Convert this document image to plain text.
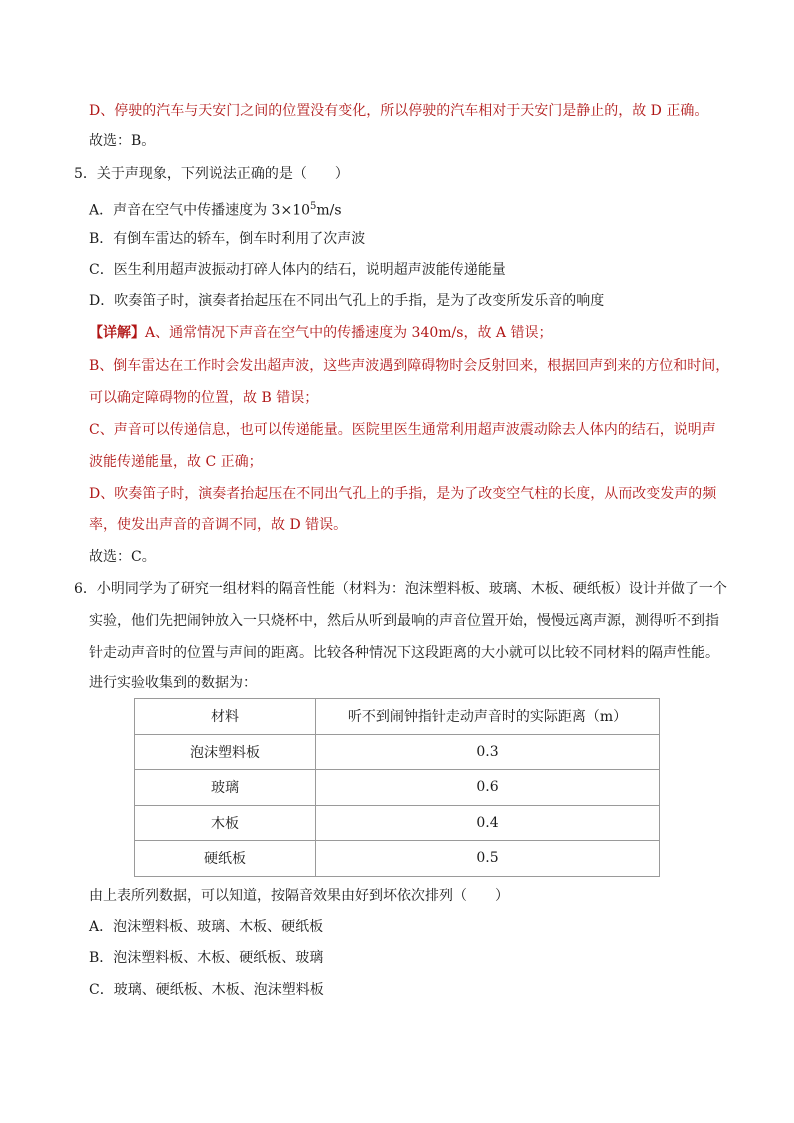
D、停驶的汽车与天安门之间的位置没有变化，所以停驶的汽车相对于天安门是静止的，故 D 正确。
故选：B。
5．关于声现象，下列说法正确的是（　　）
A．声音在空气中传播速度为 $3\times 10^5m/s$
B．有倒车雷达的轿车，倒车时利用了次声波
C．医生利用超声波振动打碎人体内的结石，说明超声波能传递能量
D．吹奏笛子时，演奏者抬起压在不同出气孔上的手指，是为了改变所发乐音的响度
【详解】A、通常情况下声音在空气中的传播速度为 340m/s，故 A 错误；
B、倒车雷达在工作时会发出超声波，这些声波遇到障碍物时会反射回来，根据回声到来的方位和时间，
可以确定障碍物的位置，故 B 错误；
C、声音可以传递信息，也可以传递能量。医院里医生通常利用超声波震动除去人体内的结石，说明声
波能传递能量，故 C 正确；
D、吹奏笛子时，演奏者抬起压在不同出气孔上的手指，是为了改变空气柱的长度，从而改变发声的频
率，使发出声音的音调不同，故 D 错误。
故选：C。
6．小明同学为了研究一组材料的隔音性能（材料为：泡沫塑料板、玻璃、木板、硬纸板）设计并做了一个
实验，他们先把闹钟放入一只烧杯中，然后从听到最响的声音位置开始，慢慢远离声源，测得听不到指
针走动声音时的位置与声间的距离。比较各种情况下这段距离的大小就可以比较不同材料的隔声性能。
进行实验收集到的数据为：
材料	听不到闹钟指针走动声音时的实际距离（m）
泡沫塑料板	0.3
玻璃	0.6
木板	0.4
硬纸板	0.5
由上表所列数据，可以知道，按隔音效果由好到坏依次排列（　　）
A．泡沫塑料板、玻璃、木板、硬纸板
B．泡沫塑料板、木板、硬纸板、玻璃
C．玻璃、硬纸板、木板、泡沫塑料板
